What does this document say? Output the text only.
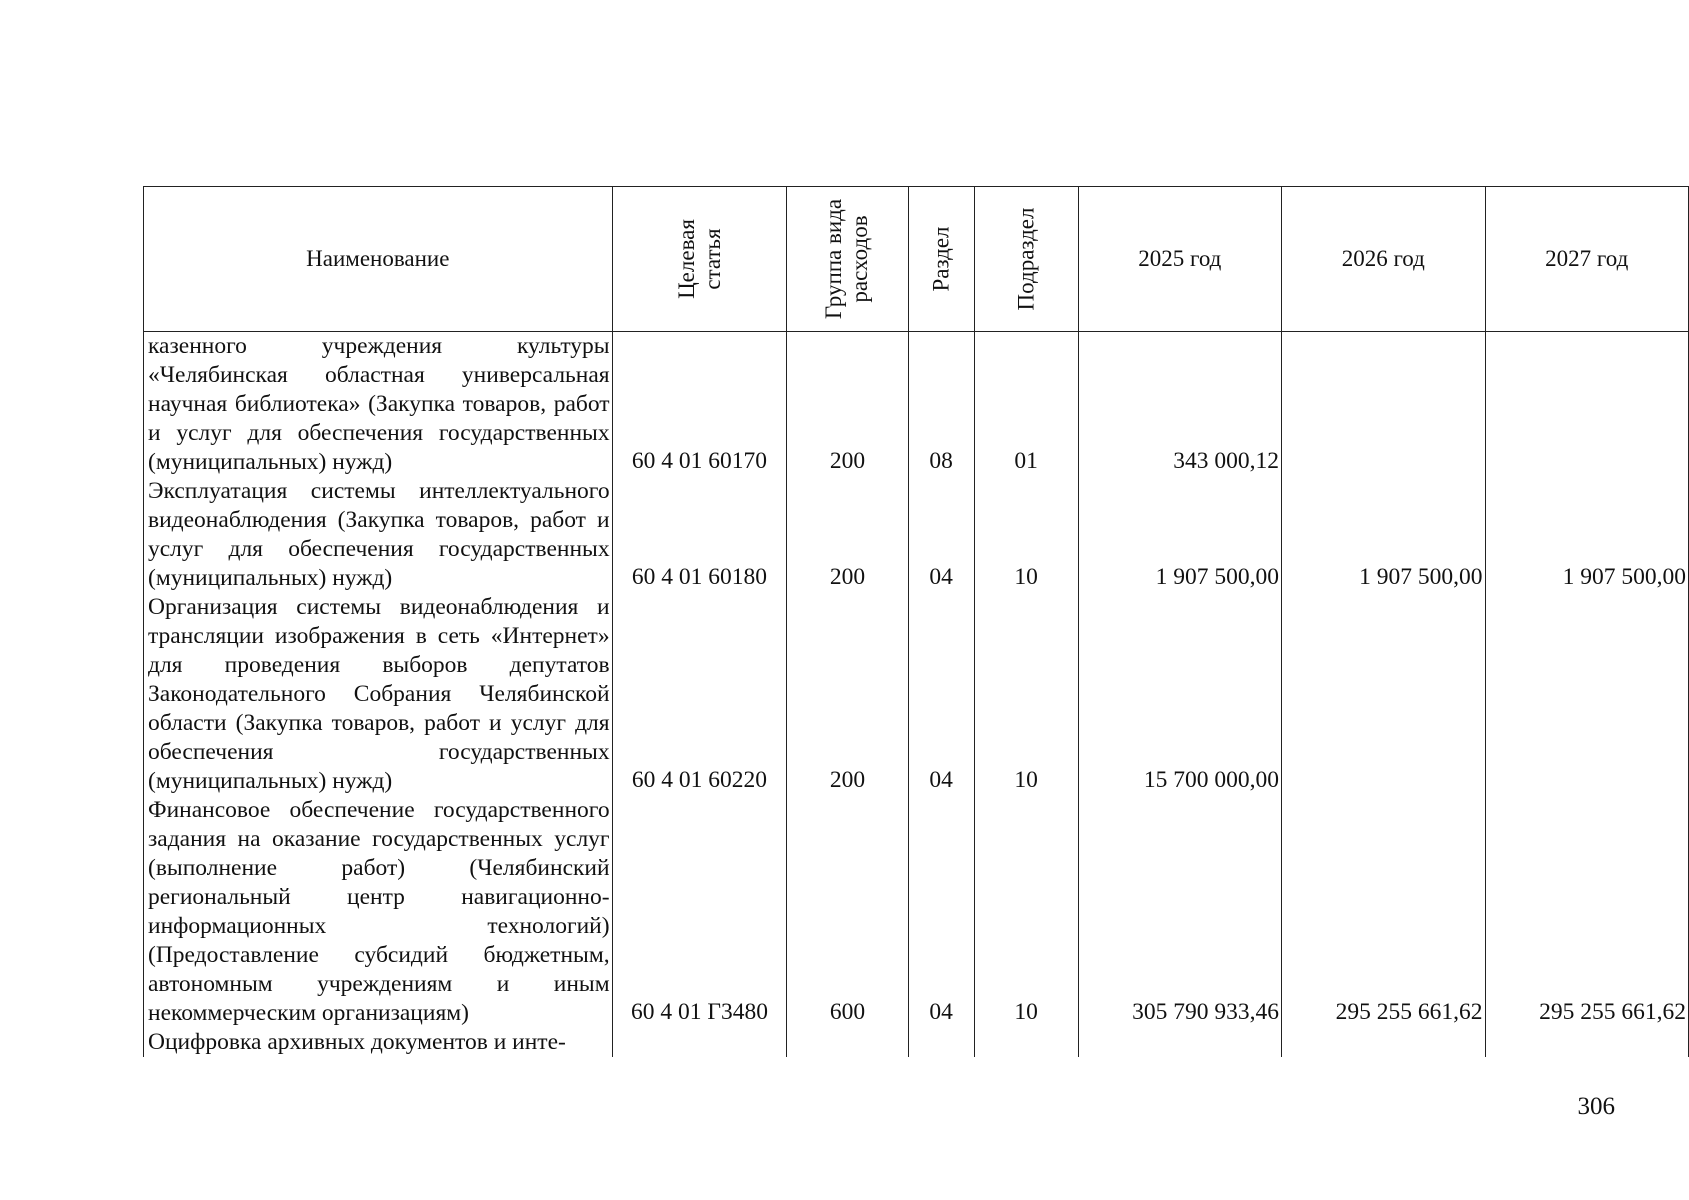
Наименование	Целевая статья	Группа вида расходов	Раздел	Подраздел	2025 год	2026 год	2027 год
казенного учреждения культуры «Челябинская областная универсальная научная библиотека» (Закупка товаров, работ и услуг для обеспечения государственных (муниципальных) нужд)	60 4 01 60170	200	08	01	343 000,12		
Эксплуатация системы интеллектуального видеонаблюдения (Закупка товаров, работ и услуг для обеспечения государственных (муниципальных) нужд)	60 4 01 60180	200	04	10	1 907 500,00	1 907 500,00	1 907 500,00
Организация системы видеонаблюдения и трансляции изображения в сеть «Интернет» для проведения выборов депутатов Законодательного Собрания Челябинской области (Закупка товаров, работ и услуг для обеспечения государственных (муниципальных) нужд)	60 4 01 60220	200	04	10	15 700 000,00		
Финансовое обеспечение государственного задания на оказание государственных услуг (выполнение работ) (Челябинский региональный центр навигационно-информационных технологий) (Предоставление субсидий бюджетным, автономным учреждениям и иным некоммерческим организациям)	60 4 01 Г3480	600	04	10	305 790 933,46	295 255 661,62	295 255 661,62
Оцифровка архивных документов и инте-							
306
